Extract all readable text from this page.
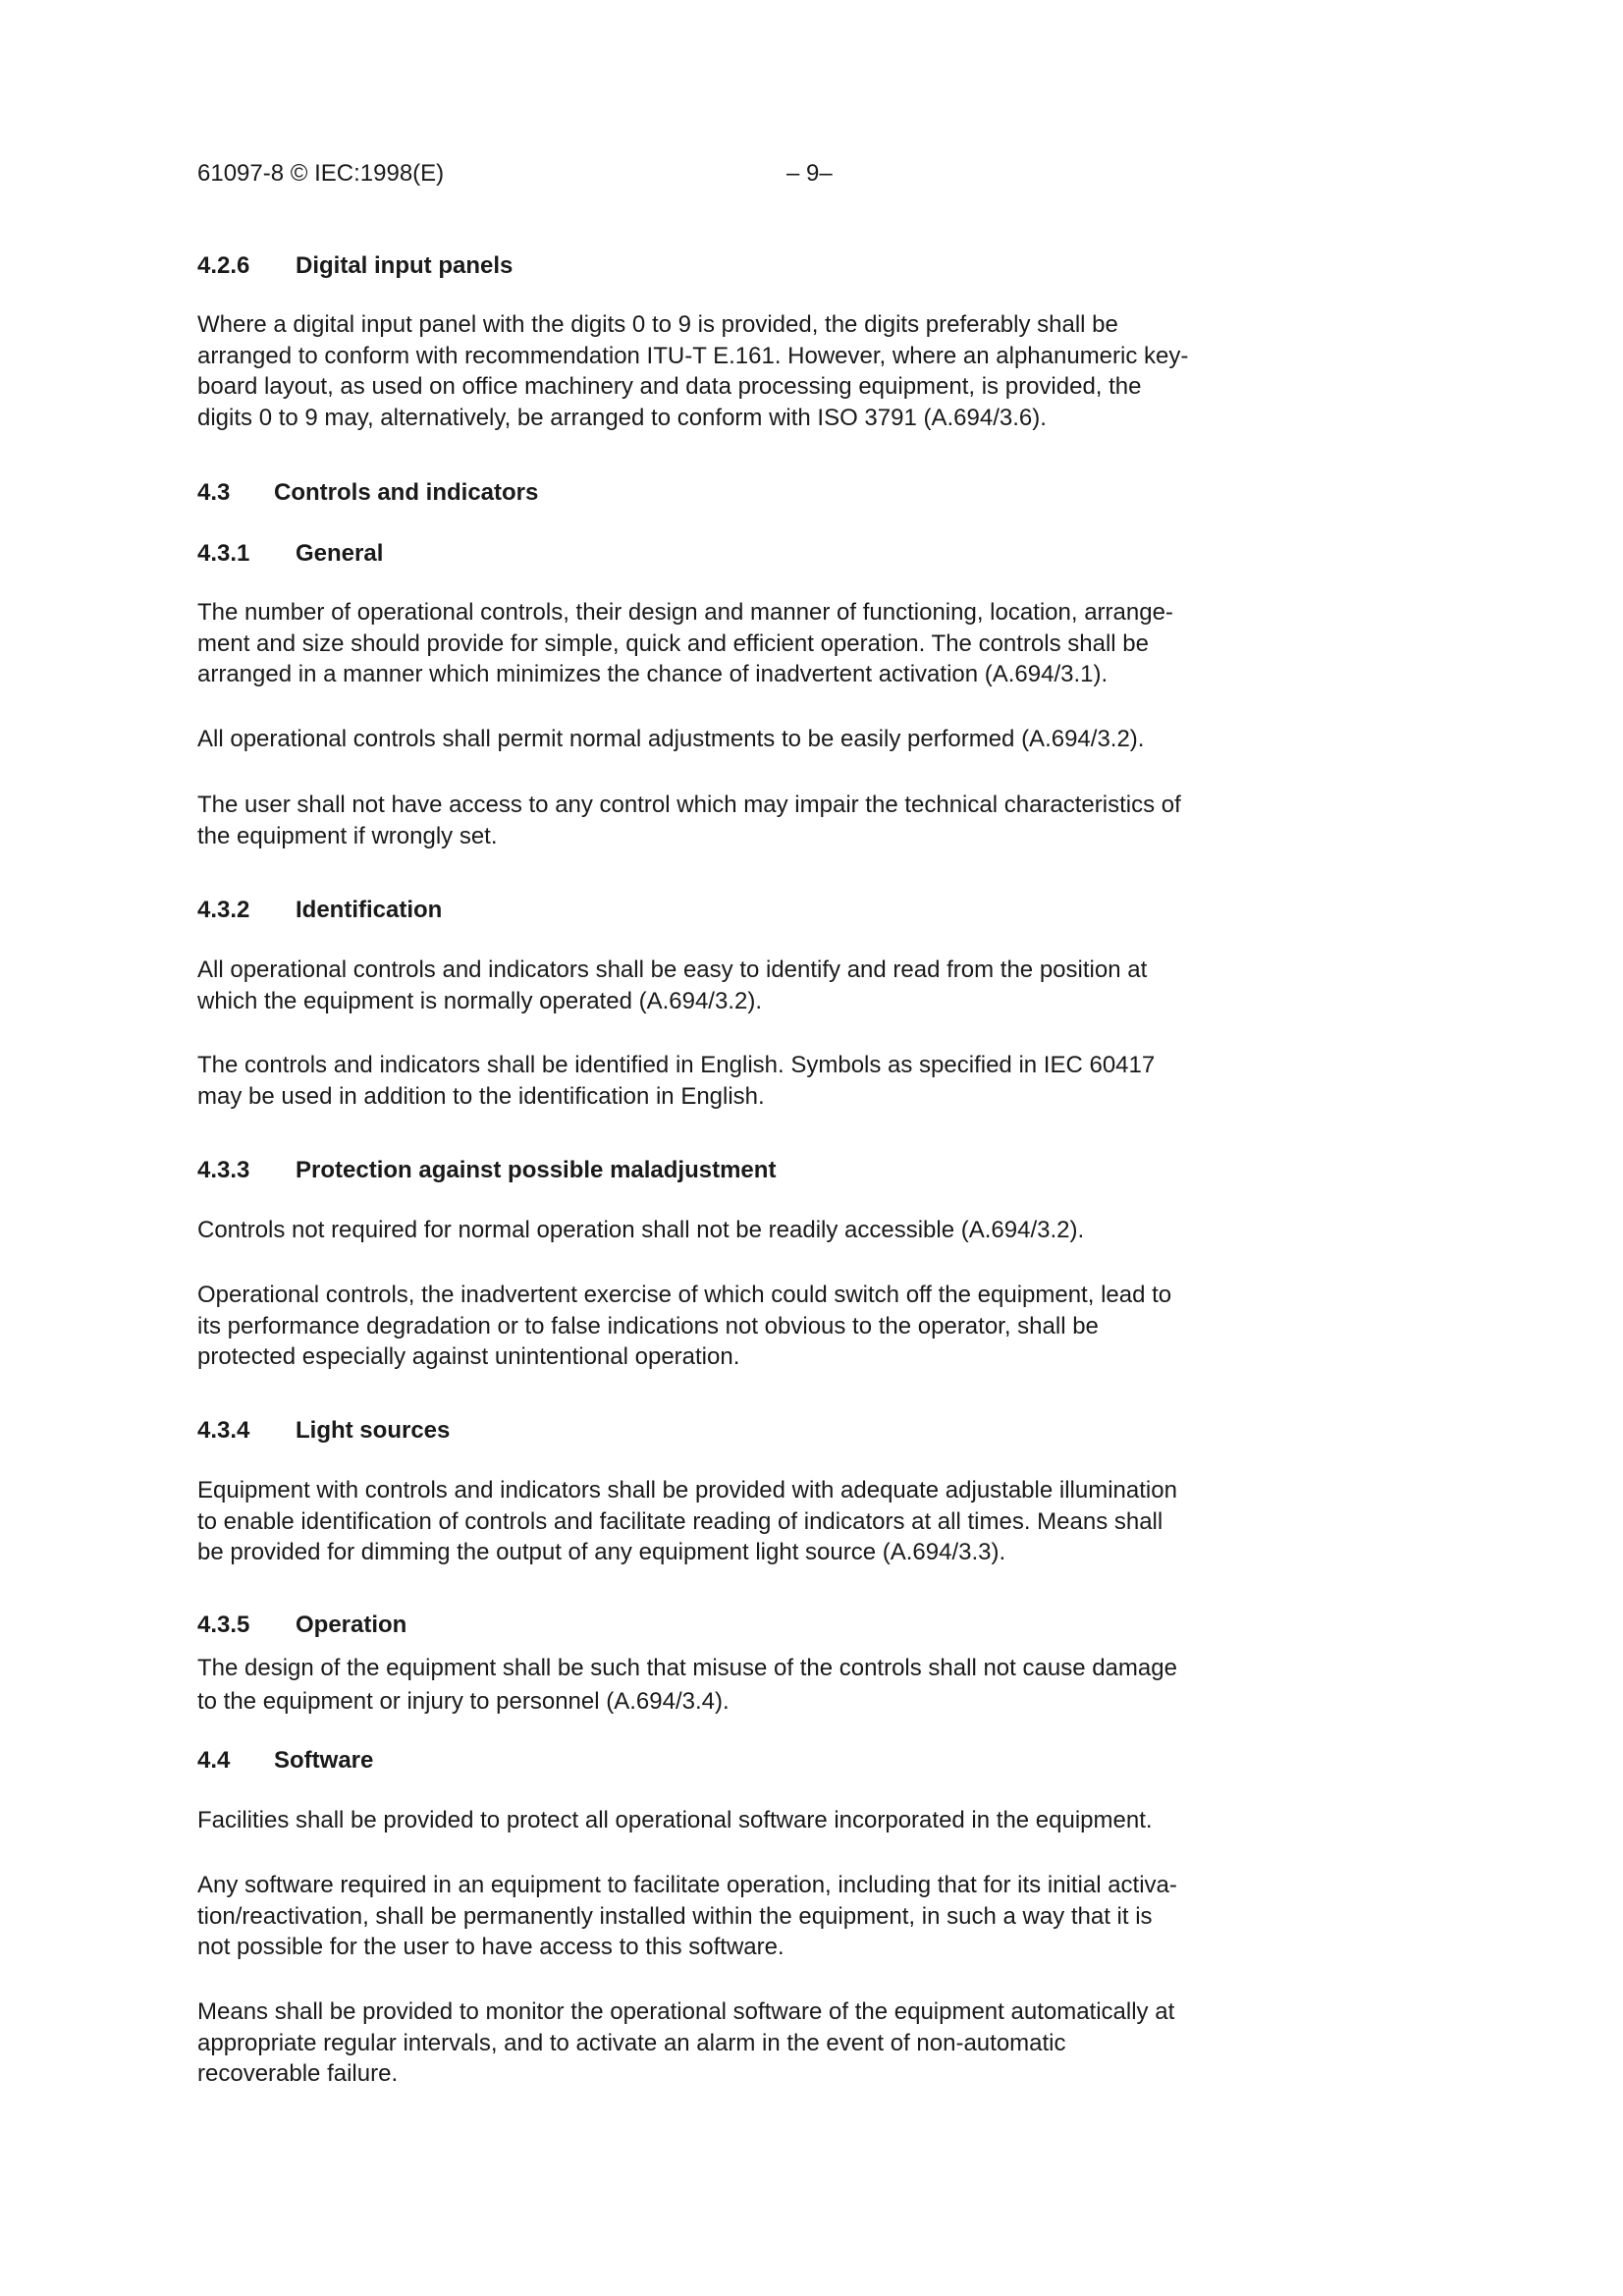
61097-8 © IEC:1998(E)	– 9–
4.2.6 Digital input panels

Where a digital input panel with the digits 0 to 9 is provided, the digits preferably shall be
arranged to conform with recommendation ITU-T E.161. However, where an alphanumeric key-
board layout, as used on office machinery and data processing equipment, is provided, the
digits 0 to 9 may, alternatively, be arranged to conform with ISO 3791 (A.694/3.6).

4.3 Controls and indicators
4.3.1 General

The number of operational controls, their design and manner of functioning, location, arrange-
ment and size should provide for simple, quick and efficient operation. The controls shall be
arranged in a manner which minimizes the chance of inadvertent activation (A.694/3.1).

All operational controls shall permit normal adjustments to be easily performed (A.694/3.2).

The user shall not have access to any control which may impair the technical characteristics of
the equipment if wrongly set.

4.3.2 Identification

All operational controls and indicators shall be easy to identify and read from the position at
which the equipment is normally operated (A.694/3.2).

The controls and indicators shall be identified in English. Symbols as specified in IEC 60417
may be used in addition to the identification in English.

4.3.3 Protection against possible maladjustment

Controls not required for normal operation shall not be readily accessible (A.694/3.2).

Operational controls, the inadvertent exercise of which could switch off the equipment, lead to
its performance degradation or to false indications not obvious to the operator, shall be
protected especially against unintentional operation.

4.3.4 Light sources

Equipment with controls and indicators shall be provided with adequate adjustable illumination
to enable identification of controls and facilitate reading of indicators at all times. Means shall
be provided for dimming the output of any equipment light source (A.694/3.3).

4.3.5 Operation

The design of the equipment shall be such that misuse of the controls shall not cause damage
to the equipment or injury to personnel (A.694/3.4).

4.4 Software

Facilities shall be provided to protect all operational software incorporated in the equipment.

Any software required in an equipment to facilitate operation, including that for its initial activa-
tion/reactivation, shall be permanently installed within the equipment, in such a way that it is
not possible for the user to have access to this software.

Means shall be provided to monitor the operational software of the equipment automatically at
appropriate regular intervals, and to activate an alarm in the event of non-automatic
recoverable failure.
